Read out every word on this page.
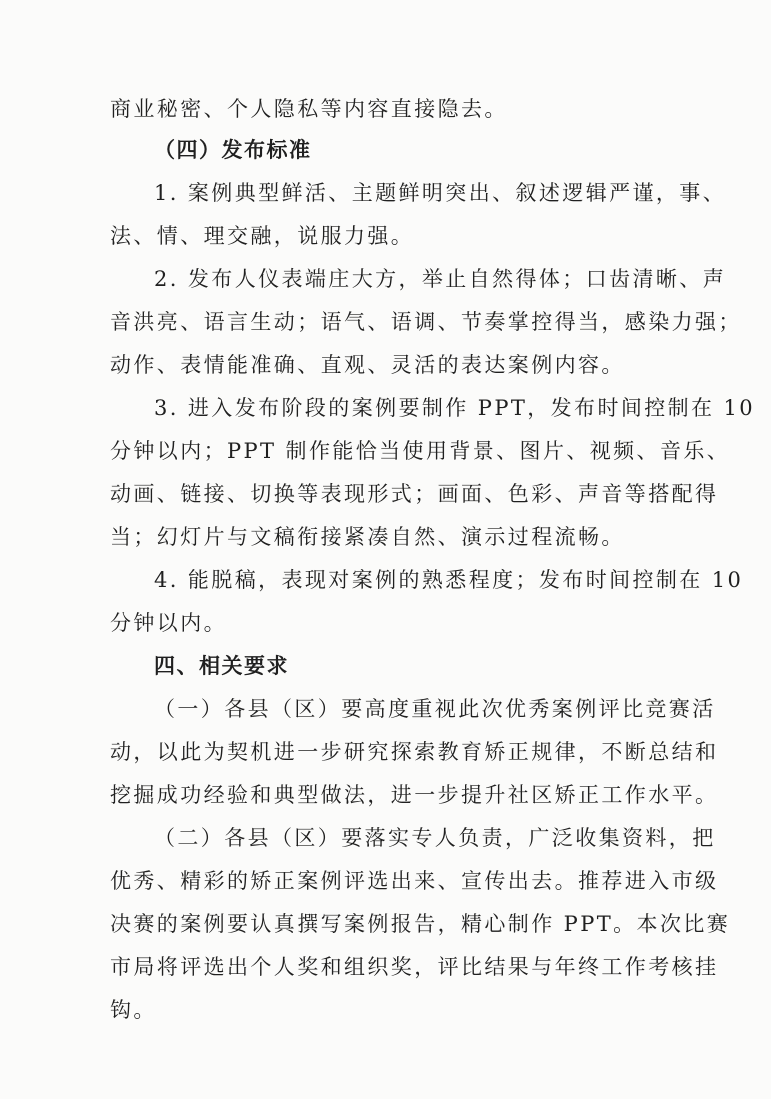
商业秘密、个人隐私等内容直接隐去。
（四）发布标准
1. 案例典型鲜活、主题鲜明突出、叙述逻辑严谨，事、
法、情、理交融，说服力强。
2. 发布人仪表端庄大方，举止自然得体；口齿清晰、声
音洪亮、语言生动；语气、语调、节奏掌控得当，感染力强；
动作、表情能准确、直观、灵活的表达案例内容。
3. 进入发布阶段的案例要制作 PPT，发布时间控制在 10
分钟以内；PPT 制作能恰当使用背景、图片、视频、音乐、
动画、链接、切换等表现形式；画面、色彩、声音等搭配得
当；幻灯片与文稿衔接紧凑自然、演示过程流畅。
4. 能脱稿，表现对案例的熟悉程度；发布时间控制在 10
分钟以内。
四、相关要求
（一）各县（区）要高度重视此次优秀案例评比竞赛活
动，以此为契机进一步研究探索教育矫正规律，不断总结和
挖掘成功经验和典型做法，进一步提升社区矫正工作水平。
（二）各县（区）要落实专人负责，广泛收集资料，把
优秀、精彩的矫正案例评选出来、宣传出去。推荐进入市级
决赛的案例要认真撰写案例报告，精心制作 PPT。本次比赛
市局将评选出个人奖和组织奖，评比结果与年终工作考核挂
钩。
